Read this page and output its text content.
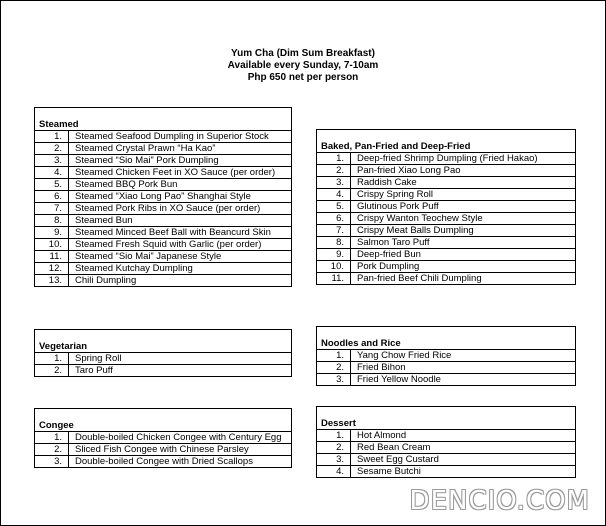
Yum Cha (Dim Sum Breakfast)
Available every Sunday, 7-10am
Php 650 net per person
Steamed
1.	Steamed Seafood Dumpling in Superior Stock
2.	Steamed Crystal Prawn “Ha Kao”
3.	Steamed “Sio Mai” Pork Dumpling
4.	Steamed Chicken Feet in XO Sauce (per order)
5.	Steamed BBQ Pork Bun
6.	Steamed “Xiao Long Pao” Shanghai Style
7.	Steamed Pork Ribs in XO Sauce (per order)
8.	Steamed Bun
9.	Steamed Minced Beef Ball with Beancurd Skin
10.	Steamed Fresh Squid with Garlic (per order)
11.	Steamed “Sio Mai” Japanese Style
12.	Steamed Kutchay Dumpling
13.	Chili Dumpling
Baked, Pan-Fried and Deep-Fried
1.	Deep-fried Shrimp Dumpling (Fried Hakao)
2.	Pan-fried Xiao Long Pao
3.	Raddish Cake
4.	Crispy Spring Roll
5.	Glutinous Pork Puff
6.	Crispy Wanton Teochew Style
7.	Crispy Meat Balls Dumpling
8.	Salmon Taro Puff
9.	Deep-fried Bun
10.	Pork Dumpling
11.	Pan-fried Beef Chili Dumpling
Vegetarian
1.	Spring Roll
2.	Taro Puff
Noodles and Rice
1.	Yang Chow Fried Rice
2.	Fried Bihon
3.	Fried Yellow Noodle
Congee
1.	Double-boiled Chicken Congee with Century Egg
2.	Sliced Fish Congee with Chinese Parsley
3.	Double-boiled Congee with Dried Scallops
Dessert
1.	Hot Almond
2.	Red Bean Cream
3.	Sweet Egg Custard
4.	Sesame Butchi
DENCIO.COM
